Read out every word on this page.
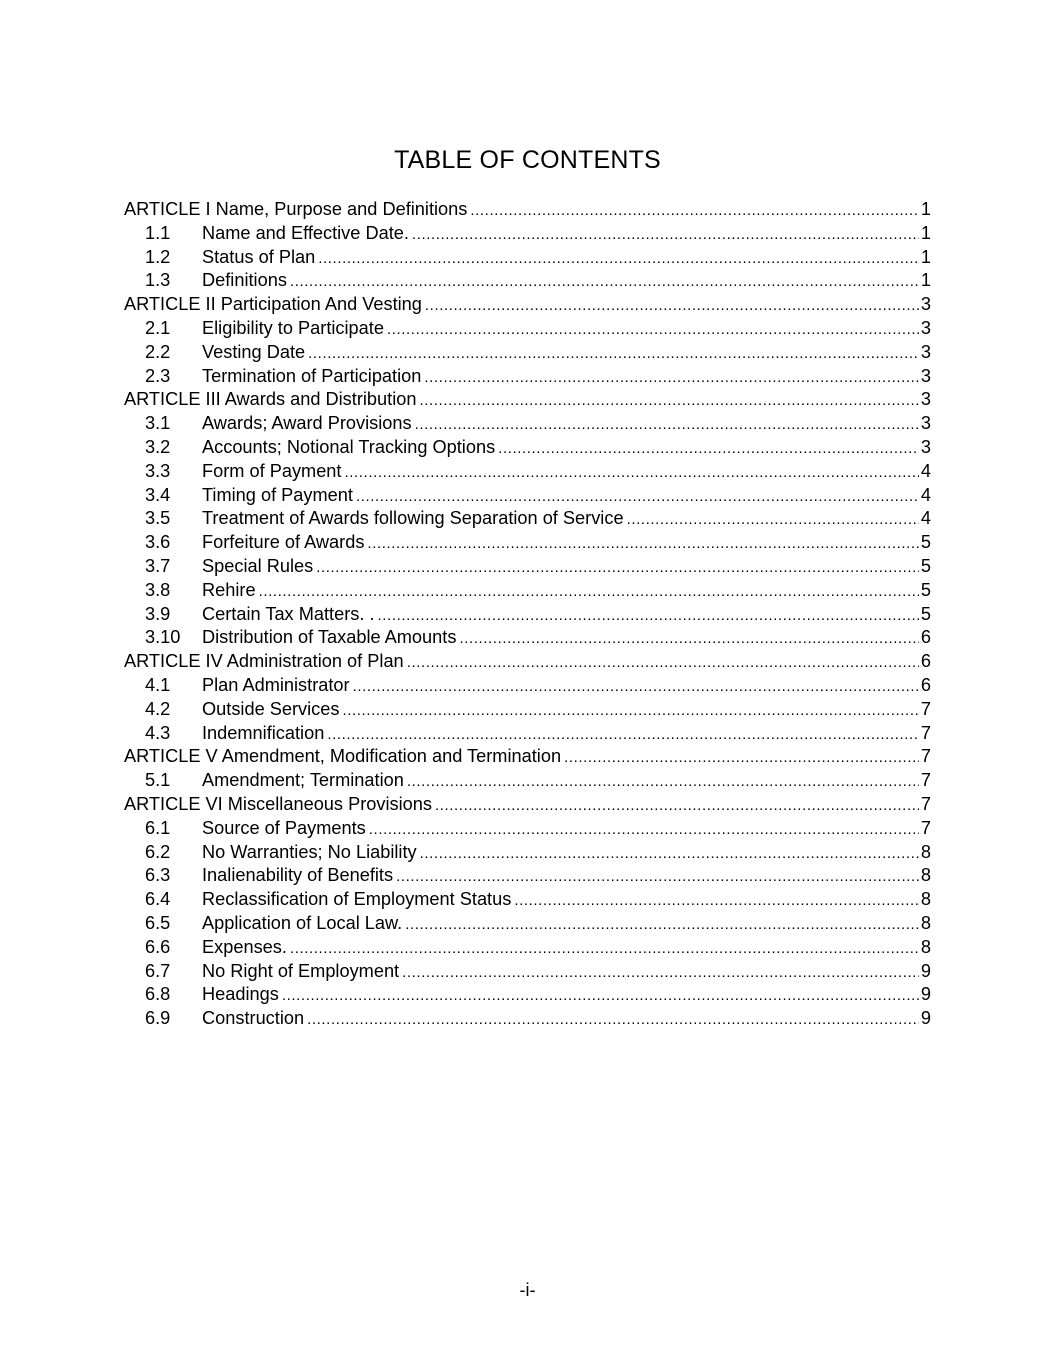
TABLE OF CONTENTS
ARTICLE I Name, Purpose and Definitions .....	1
1.1	Name and Effective Date. .....	1
1.2	Status of Plan .....	1
1.3	Definitions .....	1
ARTICLE II Participation And Vesting .....	3
2.1	Eligibility to Participate .....	3
2.2	Vesting Date .....	3
2.3	Termination of Participation .....	3
ARTICLE III Awards and Distribution .....	3
3.1	Awards; Award Provisions .....	3
3.2	Accounts; Notional Tracking Options .....	3
3.3	Form of Payment .....	4
3.4	Timing of Payment .....	4
3.5	Treatment of Awards following Separation of Service .....	4
3.6	Forfeiture of Awards .....	5
3.7	Special Rules .....	5
3.8	Rehire .....	5
3.9	Certain Tax Matters. . .....	5
3.10	Distribution of Taxable Amounts .....	6
ARTICLE IV Administration of Plan .....	6
4.1	Plan Administrator .....	6
4.2	Outside Services .....	7
4.3	Indemnification .....	7
ARTICLE V Amendment, Modification and Termination .....	7
5.1	Amendment; Termination .....	7
ARTICLE VI Miscellaneous Provisions .....	7
6.1	Source of Payments .....	7
6.2	No Warranties; No Liability .....	8
6.3	Inalienability of Benefits .....	8
6.4	Reclassification of Employment Status .....	8
6.5	Application of Local Law. .....	8
6.6	Expenses. .....	8
6.7	No Right of Employment .....	9
6.8	Headings .....	9
6.9	Construction .....	9
-i-
